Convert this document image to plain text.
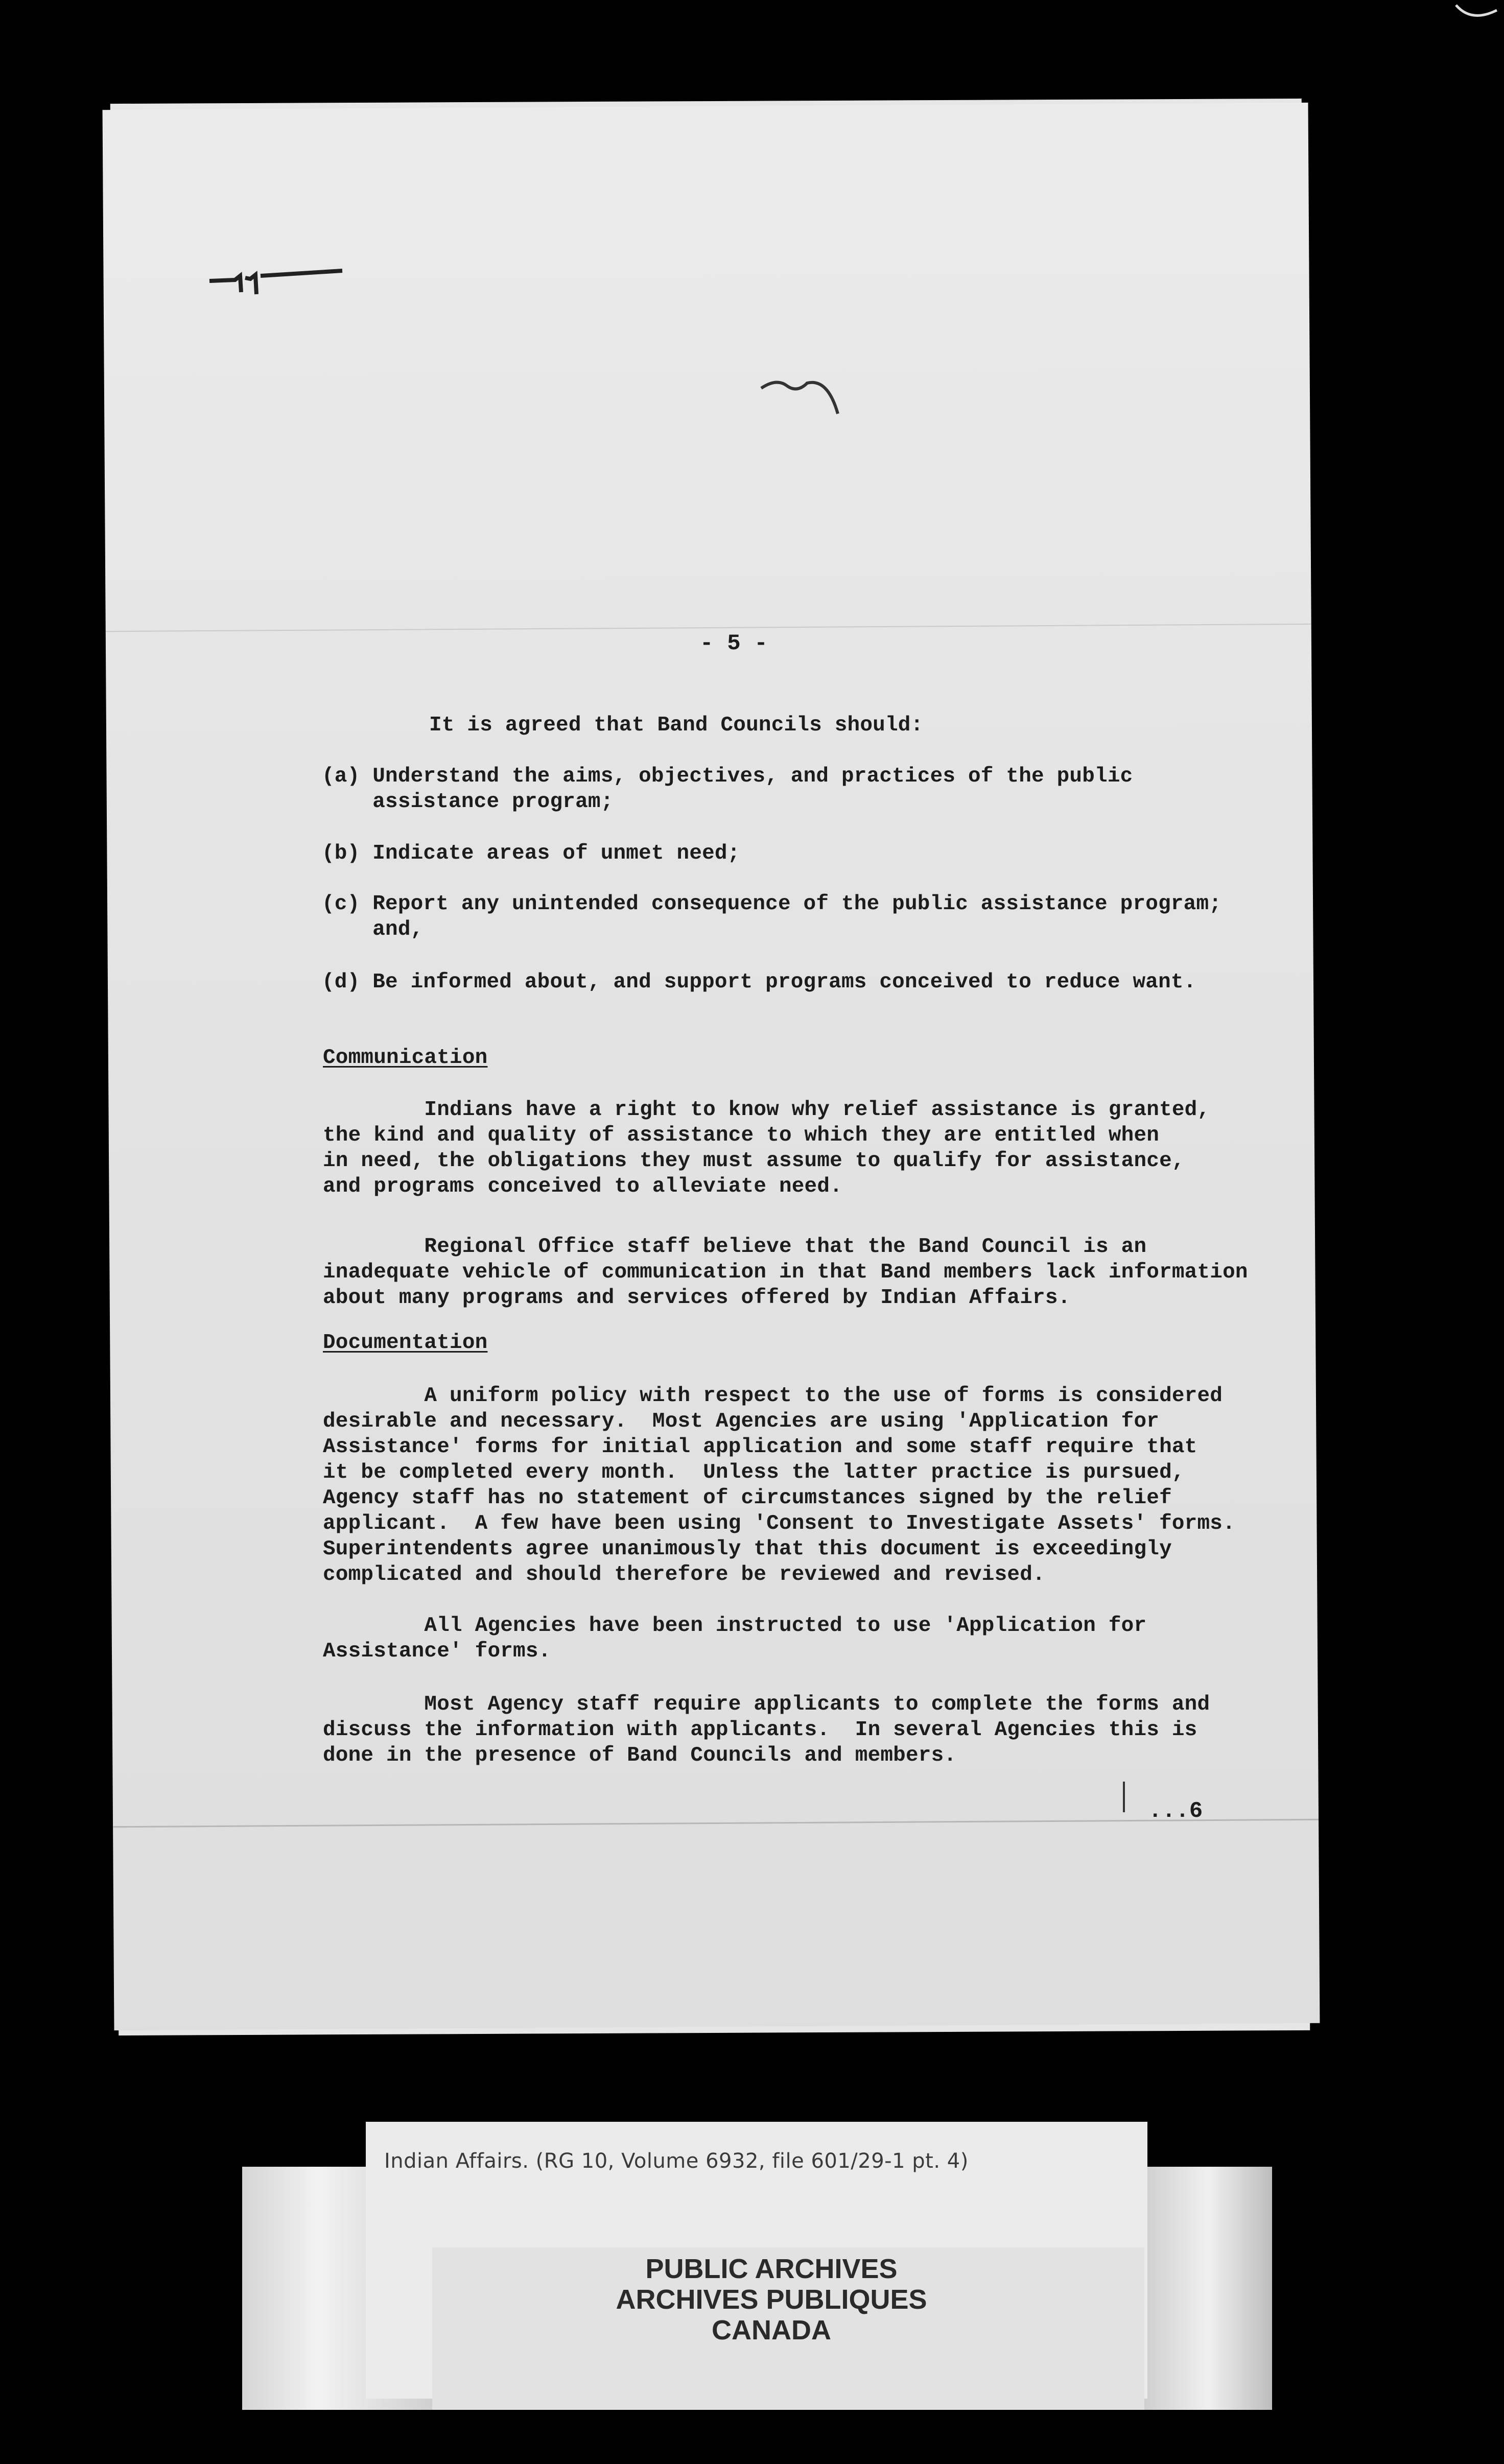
- 5 -
It is agreed that Band Councils should:
(a) Understand the aims, objectives, and practices of the public
assistance program;
(b) Indicate areas of unmet need;
(c) Report any unintended consequence of the public assistance program;
and,
(d) Be informed about, and support programs conceived to reduce want.
Communication
Indians have a right to know why relief assistance is granted,
the kind and quality of assistance to which they are entitled when
in need, the obligations they must assume to qualify for assistance,
and programs conceived to alleviate need.
Regional Office staff believe that the Band Council is an
inadequate vehicle of communication in that Band members lack information
about many programs and services offered by Indian Affairs.
Documentation
A uniform policy with respect to the use of forms is considered
desirable and necessary.  Most Agencies are using 'Application for
Assistance' forms for initial application and some staff require that
it be completed every month.  Unless the latter practice is pursued,
Agency staff has no statement of circumstances signed by the relief
applicant.  A few have been using 'Consent to Investigate Assets' forms.
Superintendents agree unanimously that this document is exceedingly
complicated and should therefore be reviewed and revised.
All Agencies have been instructed to use 'Application for
Assistance' forms.
Most Agency staff require applicants to complete the forms and
discuss the information with applicants.  In several Agencies this is
done in the presence of Band Councils and members.
...6
Indian Affairs. (RG 10, Volume 6932, file 601/29-1 pt. 4)
PUBLIC ARCHIVES
ARCHIVES PUBLIQUES
CANADA
